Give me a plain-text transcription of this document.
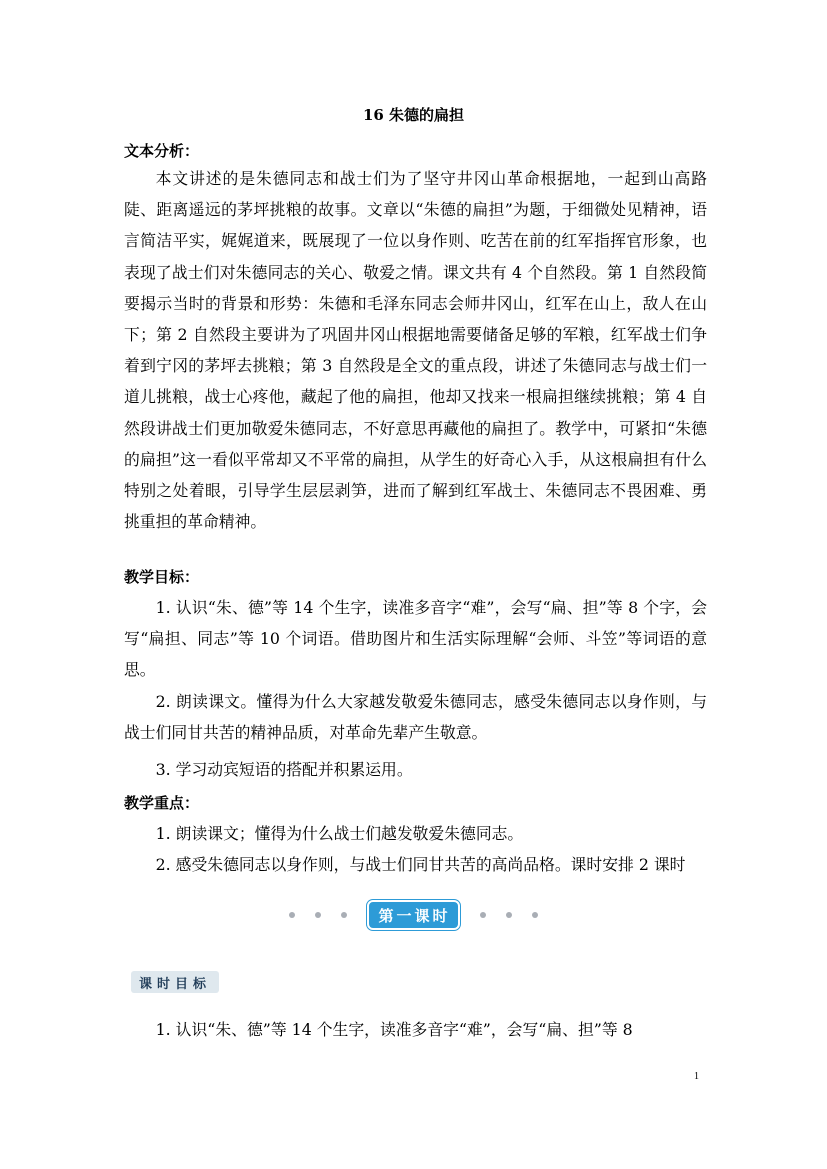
16 朱德的扁担
文本分析：

本文讲述的是朱德同志和战士们为了坚守井冈山革命根据地，一起到山高路陡、距离遥远的茅坪挑粮的故事。文章以“朱德的扁担”为题，于细微处见精神，语言简洁平实，娓娓道来，既展现了一位以身作则、吃苦在前的红军指挥官形象，也表现了战士们对朱德同志的关心、敬爱之情。课文共有 4 个自然段。第 1 自然段简要揭示当时的背景和形势：朱德和毛泽东同志会师井冈山，红军在山上，敌人在山下；第 2 自然段主要讲为了巩固井冈山根据地需要储备足够的军粮，红军战士们争着到宁冈的茅坪去挑粮；第 3 自然段是全文的重点段，讲述了朱德同志与战士们一道儿挑粮，战士心疼他，藏起了他的扁担，他却又找来一根扁担继续挑粮；第 4 自然段讲战士们更加敬爱朱德同志，不好意思再藏他的扁担了。教学中，可紧扣“朱德的扁担”这一看似平常却又不平常的扁担，从学生的好奇心入手，从这根扁担有什么特别之处着眼，引导学生层层剥笋，进而了解到红军战士、朱德同志不畏困难、勇挑重担的革命精神。

教学目标：

1. 认识“朱、德”等 14 个生字，读准多音字“难”，会写“扁、担”等 8 个字，会写“扁担、同志”等 10 个词语。借助图片和生活实际理解“会师、斗笠”等词语的意思。

2. 朗读课文。懂得为什么大家越发敬爱朱德同志，感受朱德同志以身作则，与战士们同甘共苦的精神品质，对革命先辈产生敬意。

3. 学习动宾短语的搭配并积累运用。

教学重点：

1. 朗读课文；懂得为什么战士们越发敬爱朱德同志。

2. 感受朱德同志以身作则，与战士们同甘共苦的高尚品格。课时安排 2 课时

第 一 课 时
课时目标

1. 认识“朱、德”等 14 个生字，读准多音字“难”，会写“扁、担”等 8

1
